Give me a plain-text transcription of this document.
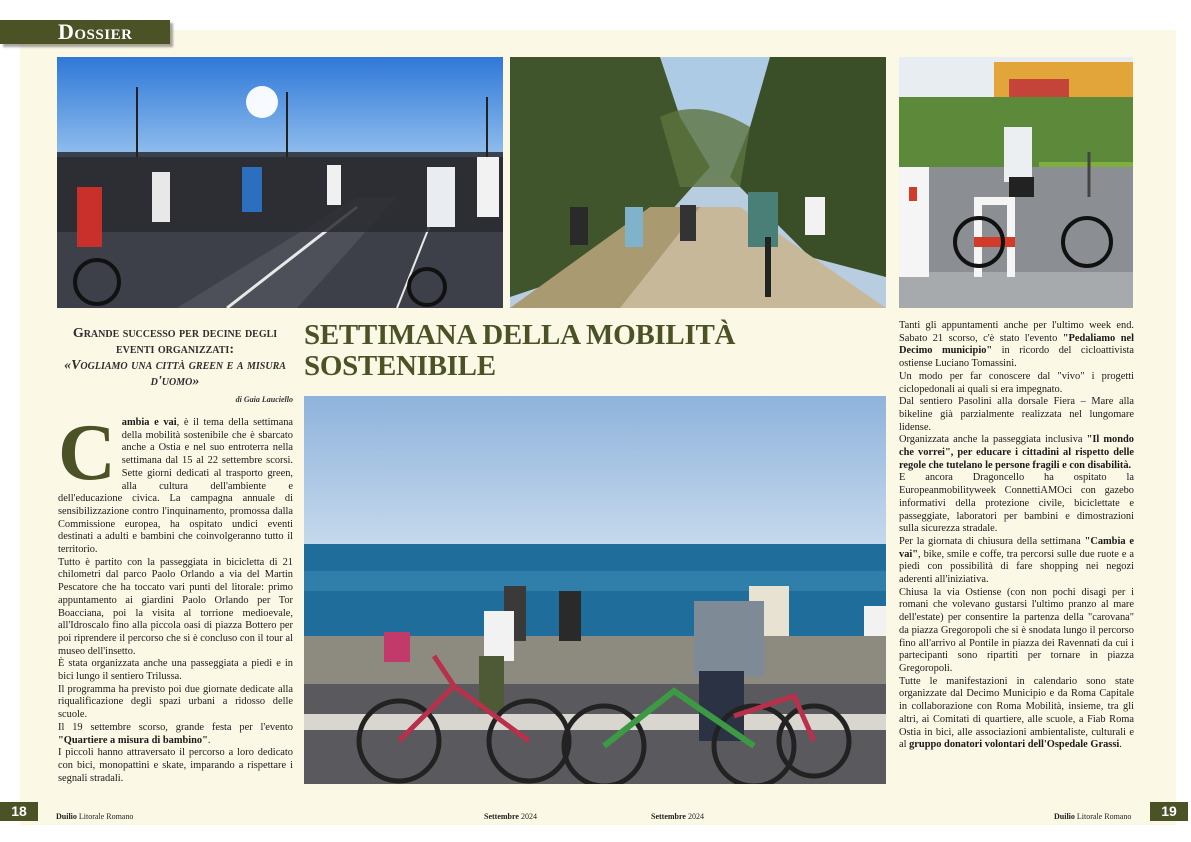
Dossier
Grande successo per decine degli eventi organizzati:
«Vogliamo una città green e a misura d'uomo»
di Gaia Lauciello
SETTIMANA DELLA MOBILITÀ
SOSTENIBILE

Cambia e vai, è il tema della settimana della mobilità sostenibile che è sbarcato anche a Ostia e nel suo entroterra nella settimana dal 15 al 22 settembre scorsi. Sette giorni dedicati al trasporto green, alla cultura dell'ambiente e dell'educazione civica. La campagna annuale di sensibilizzazione contro l'inquinamento, promossa dalla Commissione europea, ha ospitato undici eventi destinati a adulti e bambini che coinvolgeranno tutto il territorio.

Tutto è partito con la passeggiata in bicicletta di 21 chilometri dal parco Paolo Orlando a via del Martin Pescatore che ha toccato vari punti del litorale: primo appuntamento ai giardini Paolo Orlando per Tor Boacciana, poi la visita al torrione medioevale, all'Idroscalo fino alla piccola oasi di piazza Bottero per poi riprendere il percorso che si è concluso con il tour al museo dell'insetto.

È stata organizzata anche una passeggiata a piedi e in bici lungo il sentiero Trilussa.

Il programma ha previsto poi due giornate dedicate alla riqualificazione degli spazi urbani a ridosso delle scuole.

Il 19 settembre scorso, grande festa per l'evento "Quartiere a misura di bambino".

I piccoli hanno attraversato il percorso a loro dedicato con bici, monopattini e skate, imparando a rispettare i segnali stradali.

Tanti gli appuntamenti anche per l'ultimo week end. Sabato 21 scorso, c'è stato l'evento "Pedaliamo nel Decimo municipio" in ricordo del cicloattivista ostiense Luciano Tomassini.

Un modo per far conoscere dal "vivo" i progetti ciclopedonali ai quali si era impegnato.

Dal sentiero Pasolini alla dorsale Fiera – Mare alla bikeline già parzialmente realizzata nel lungomare lidense.

Organizzata anche la passeggiata inclusiva "Il mondo che vorrei", per educare i cittadini al rispetto delle regole che tutelano le persone fragili e con disabilità.

E ancora Dragoncello ha ospitato la Europeanmobilityweek ConnettiAMOci con gazebo informativi della protezione civile, biciclettate e passeggiate, laboratori per bambini e dimostrazioni sulla sicurezza stradale.

Per la giornata di chiusura della settimana "Cambia e vai", bike, smile e coffe, tra percorsi sulle due ruote e a piedi con possibilità di fare shopping nei negozi aderenti all'iniziativa.

Chiusa la via Ostiense (con non pochi disagi per i romani che volevano gustarsi l'ultimo pranzo al mare dell'estate) per consentire la partenza della "carovana" da piazza Gregoropoli che si è snodata lungo il percorso fino all'arrivo al Pontile in piazza dei Ravennati da cui i partecipanti sono ripartiti per tornare in piazza Gregoropoli.

Tutte le manifestazioni in calendario sono state organizzate dal Decimo Municipio e da Roma Capitale in collaborazione con Roma Mobilità, insieme, tra gli altri, ai Comitati di quartiere, alle scuole, a Fiab Roma Ostia in bici, alle associazioni ambientaliste, culturali e al gruppo donatori volontari dell'Ospedale Grassi.

18	19
Duilio Litorale Romano	Settembre 2024	Settembre 2024	Duilio Litorale Romano
